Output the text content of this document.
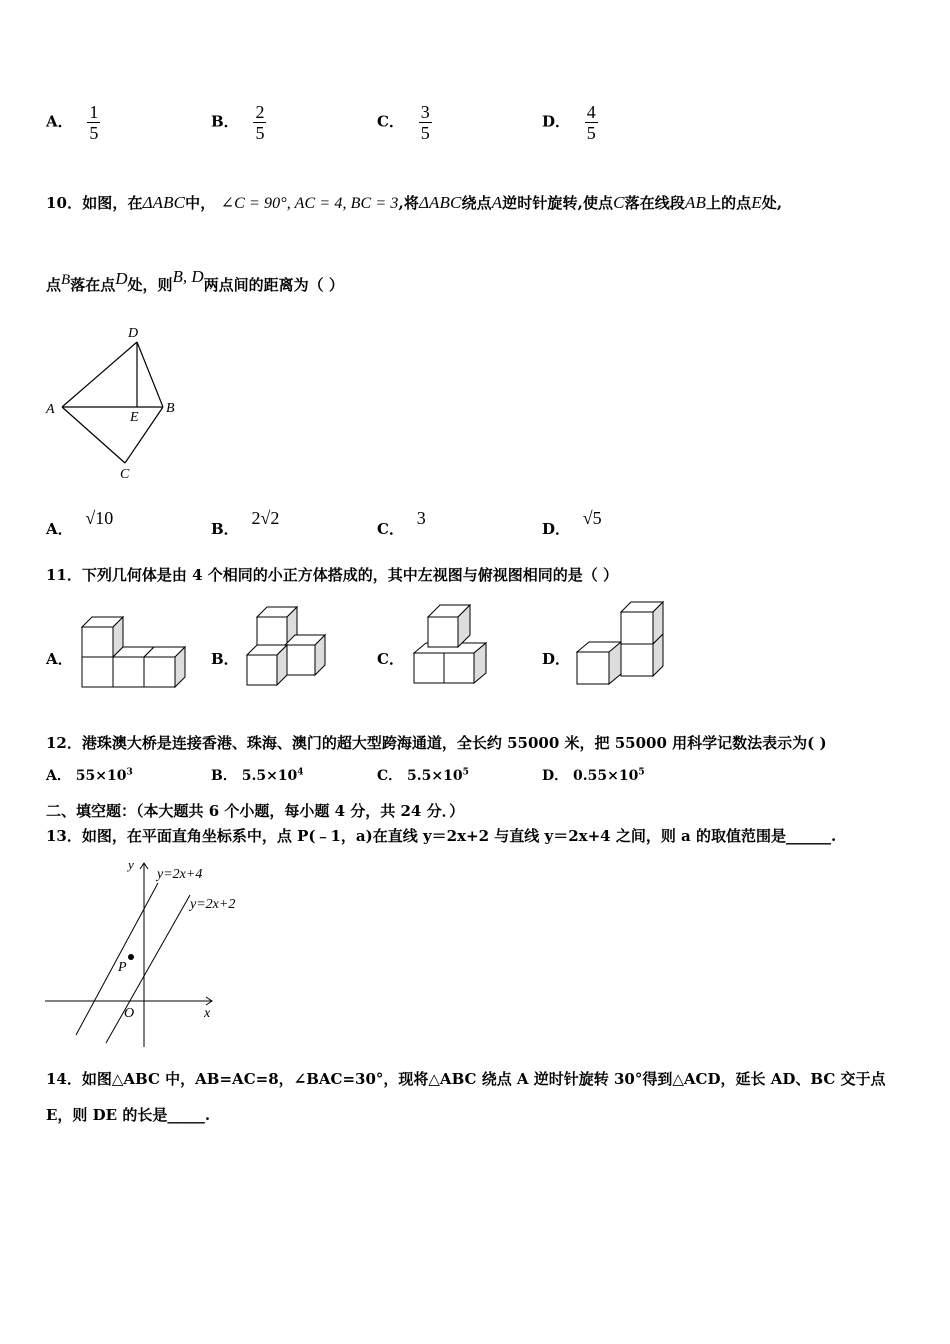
A． $\frac{1}{5}$	B． $\frac{2}{5}$	C． $\frac{3}{5}$	D． $\frac{4}{5}$
10．如图，在ΔABC中， ∠C = 90°, AC = 4, BC = 3,将ΔABC绕点A逆时针旋转,使点C落在线段AB上的点E处,
点B落在点D处，则B, D两点间的距离为（ ）
D
A
E
B
C
A． √10
B． 2√2
C． 3
D． √5
11．下列几何体是由 4 个相同的小正方体搭成的，其中左视图与俯视图相同的是（ ）
A．	B．	C．	D．
12．港珠澳大桥是连接香港、珠海、澳门的超大型跨海通道，全长约 55000 米，把 55000 用科学记数法表示为( )
A． $55\times 10^3$	B． $5.5\times 10^4$	C． $5.5\times 10^5$	D． $0.55\times 10^5$
二、填空题：（本大题共 6 个小题，每小题 4 分，共 24 分．）
13．如图，在平面直角坐标系中，点 P(﹣1，a)在直线 y＝2x+2 与直线 y＝2x+4 之间，则 a 的取值范围是______.
y
x
O
P
y=2x+4
y=2x+2
14．如图△ABC 中，AB=AC=8，∠BAC=30°，现将△ABC 绕点 A 逆时针旋转 30°得到△ACD，延长 AD、BC 交于点
E，则 DE 的长是_____.
